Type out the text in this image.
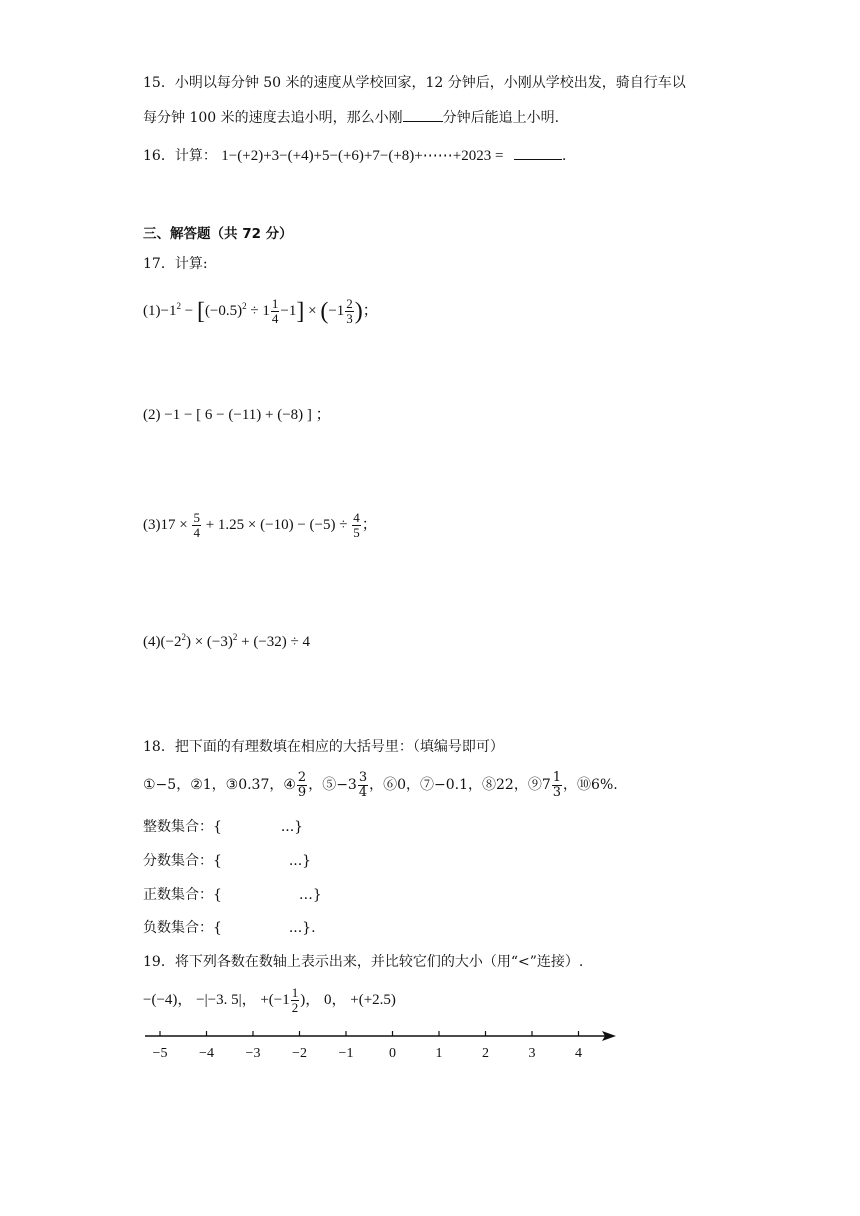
15．小明以每分钟 50 米的速度从学校回家，12 分钟后，小刚从学校出发，骑自行车以
每分钟 100 米的速度去追小明，那么小刚	分钟后能追上小明.
16．计算： 1−(+2)+3−(+4)+5−(+6)+7−(+8)+⋯⋯+2023 =	.
三、解答题（共 72 分）
17．计算:
$(1)-1^2 - [(-0.5)^2 \div 1 \frac{1}{4} -1] \times (-1 \frac{2}{3}$ )；
(2) −1 − [ 6 − (−11) + (−8) ] ；
$(3)17 \times \frac{5}{4} + 1.25 \times (-10) - (-5) \div \frac{4}{5}$ ；
$(4)(-2^2) \times (-3)^2 + (-32) \div 4$
18．把下面的有理数填在相应的大括号里：（填编号即可）
①−5，②1，③0.37，④ $\frac{2}{9}$ ，⑤−3 $\frac{3}{4}$ ，⑥0，⑦−0.1，⑧22，⑨7 $\frac{1}{3}$ ，⑩6%.
整数集合：{	...}
分数集合：{	...}
正数集合：{	…}
负数集合：{	...}.
19．将下列各数在数轴上表示出来，并比较它们的大小（用“<”连接）.
−(−4)， −|−3. 5|， $+(-1 \frac{1}{2}$ )， 0， +(+2.5)
−5 −4 −3 −2 −1	0	1	2	3	4
